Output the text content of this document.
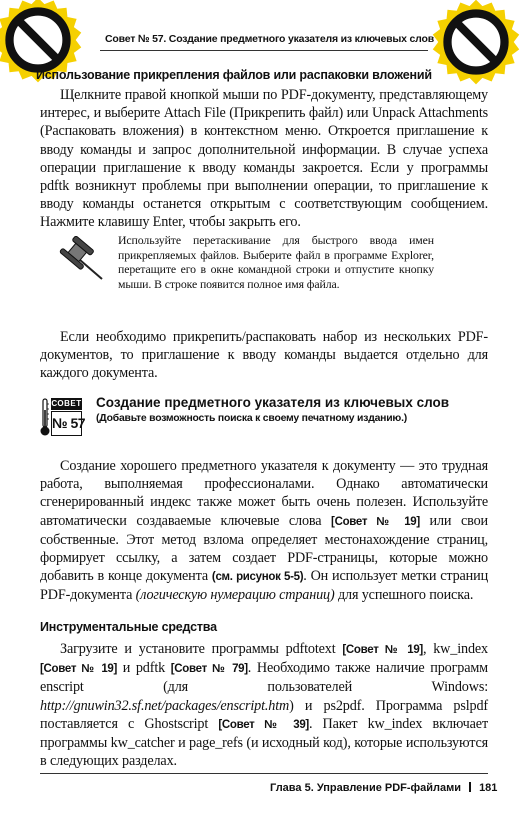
Совет № 57. Создание предметного указателя из ключевых слов
Использование прикрепления файлов или распаковки вложений

Щелкните правой кнопкой мыши по PDF-документу, представляющему интерес, и выберите Attach File (Прикрепить файл) или Unpack Attachments (Распаковать вложения) в контекстном меню. Откроется приглашение к вводу команды и запрос дополнительной информации. В случае успеха операции приглашение к вводу команды закроется. Если у программы pdftk возникнут проблемы при выполнении операции, то приглашение к вводу команды останется открытым с соответствующим сообщением. Нажмите клавишу Enter, чтобы закрыть его.

Используйте перетаскивание для быстрого ввода имен прикрепляемых файлов. Выберите файл в программе Explorer, перетащите его в окне командной строки и отпустите кнопку мыши. В строке появится полное имя файла.

Если необходимо прикрепить/распаковать набор из нескольких PDF-документов, то приглашение к вводу команды выдается отдельно для каждого документа.

СОВЕТ
№ 57
Создание предметного указателя из ключевых слов
(Добавьте возможность поиска к своему печатному изданию.)

Создание хорошего предметного указателя к документу — это трудная работа, выполняемая профессионалами. Однако автоматически сгенерированный индекс также может быть очень полезен. Используйте автоматически создаваемые ключевые слова [Совет № 19] или свои собственные. Этот метод взлома определяет местонахождение страниц, формирует ссылку, а затем создает PDF-страницы, которые можно добавить в конце документа (см. рисунок 5-5). Он использует метки страниц PDF-документа (логическую нумерацию страниц) для успешного поиска.

Инструментальные средства

Загрузите и установите программы pdftotext [Совет № 19], kw_index [Совет № 19] и pdftk [Совет № 79]. Необходимо также наличие программ enscript (для пользователей Windows: http://gnuwin32.sf.net/packages/enscript.htm) и ps2pdf. Программа pslpdf поставляется с Ghostscript [Совет № 39]. Пакет kw_index включает программы kw_catcher и page_refs (и исходный код), которые используются в следующих разделах.

Глава 5. Управление PDF-файлами 181
